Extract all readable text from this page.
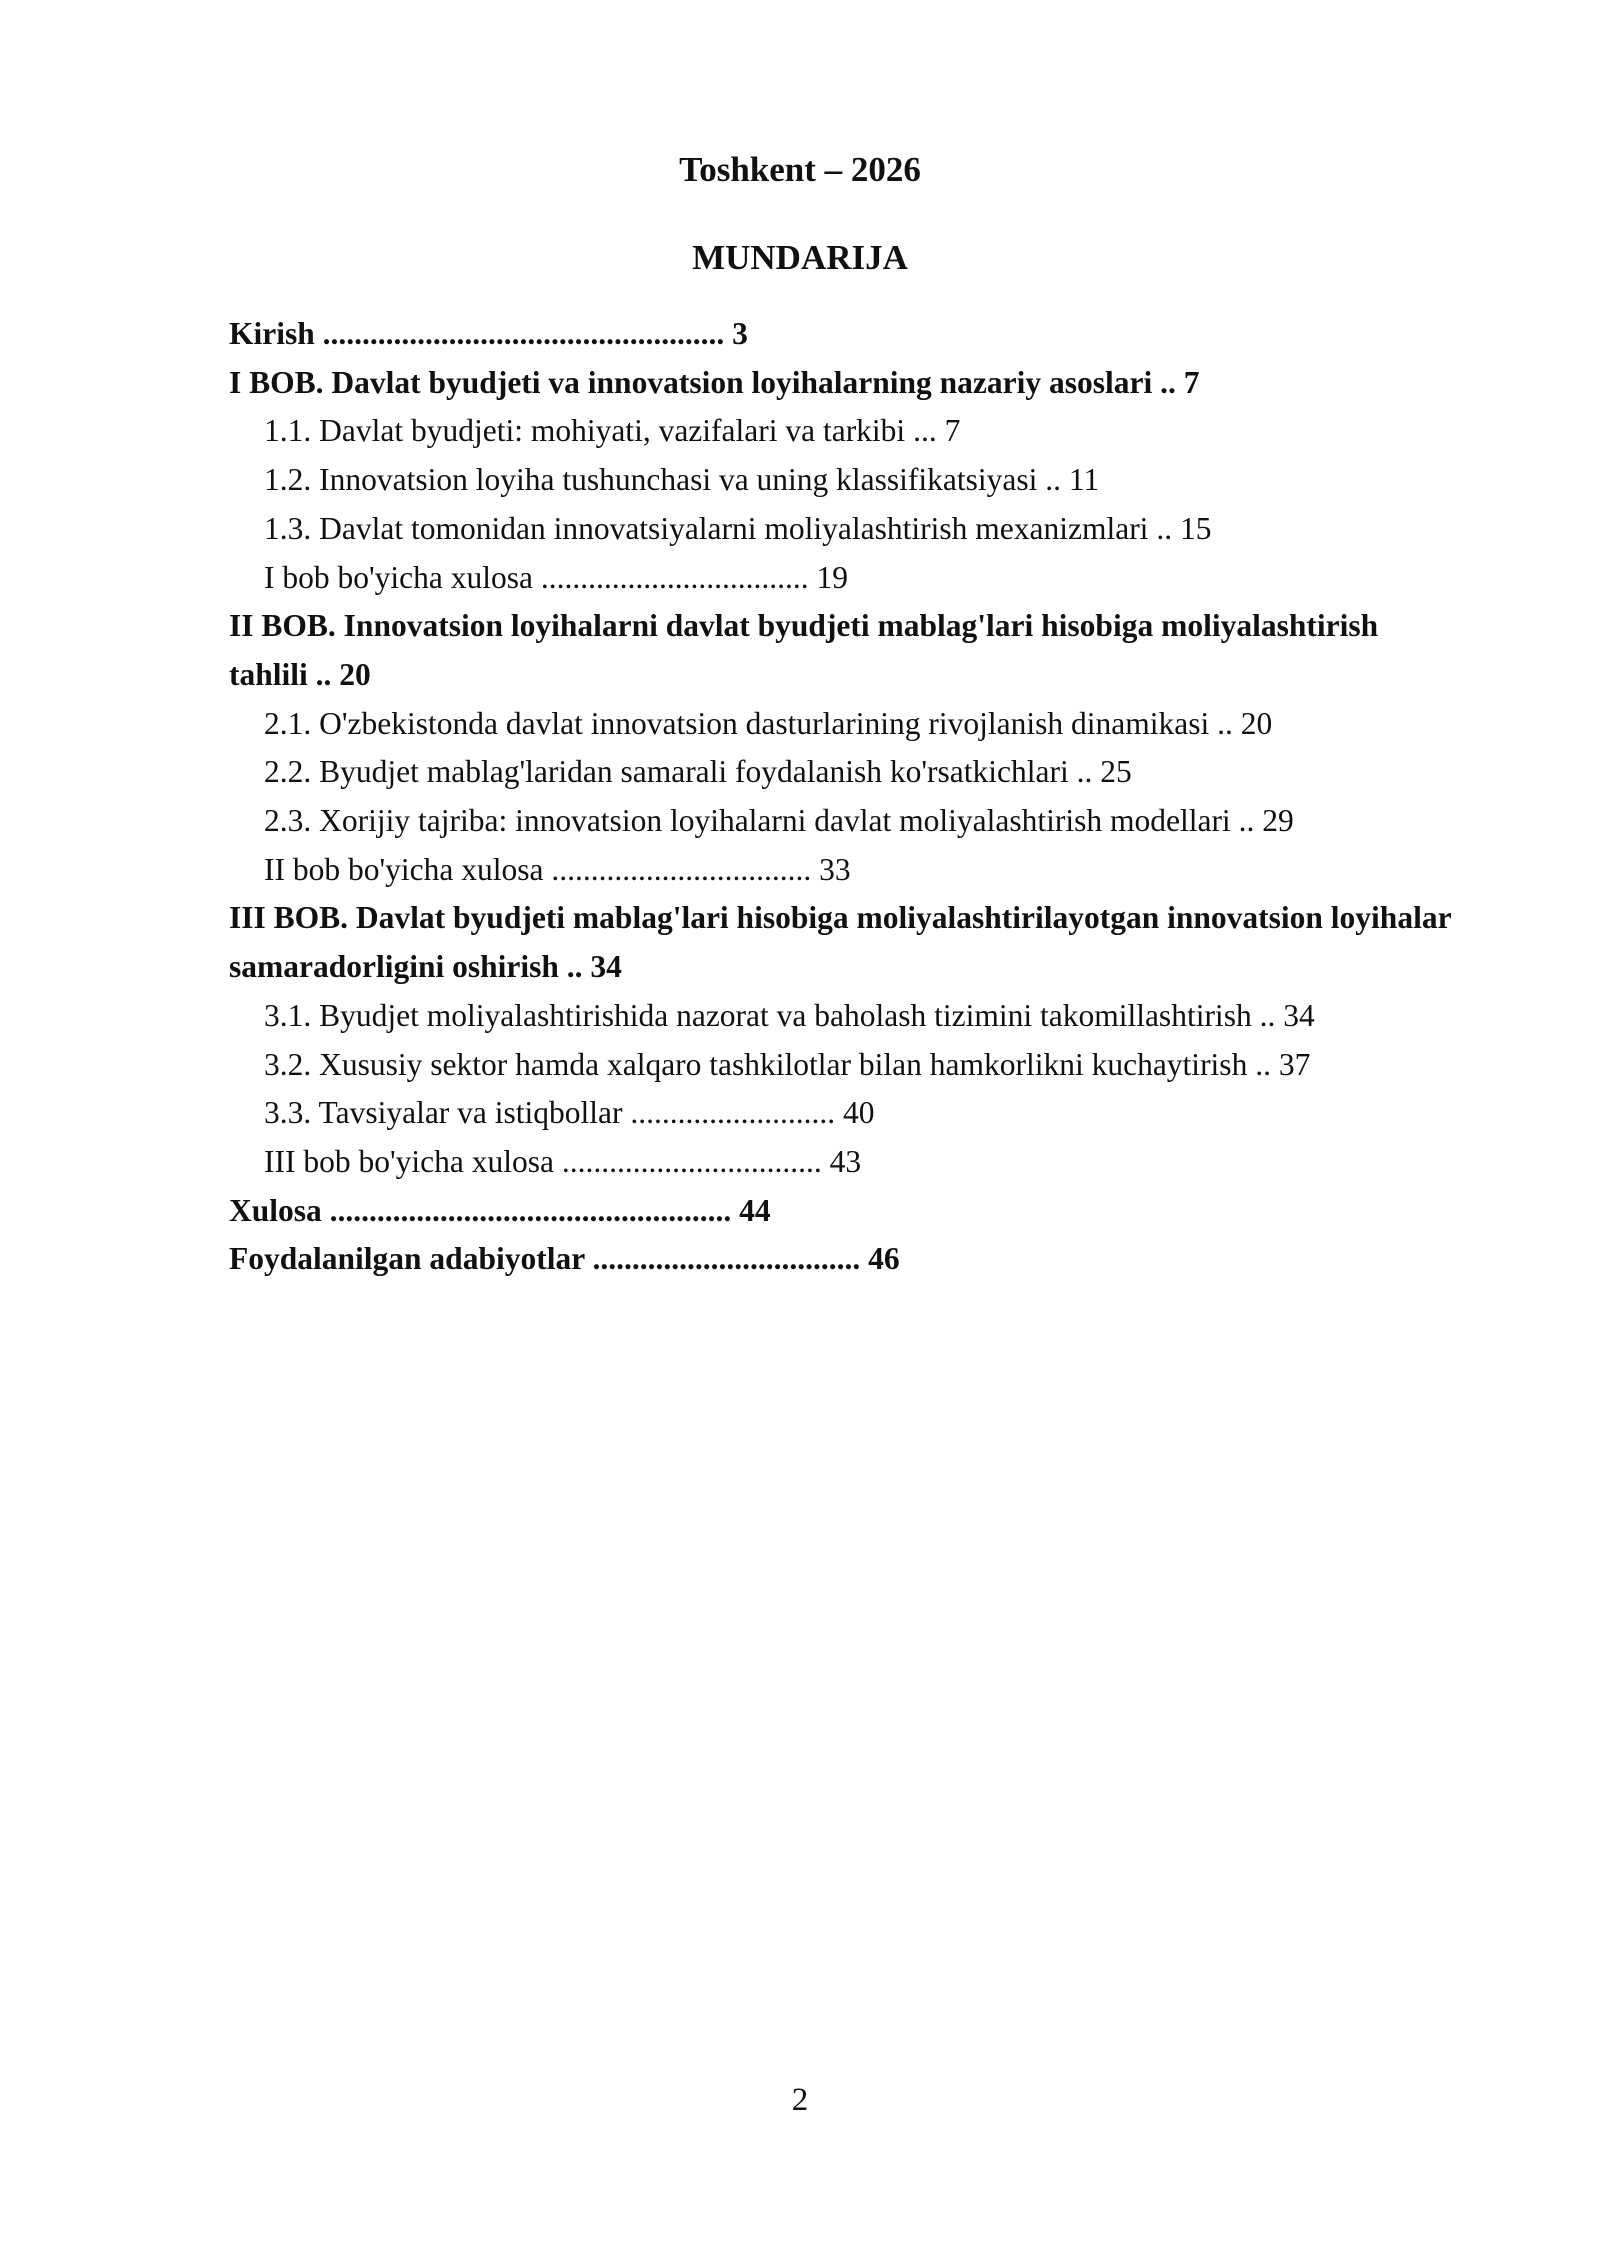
Toshkent – 2026
MUNDARIJA
Kirish ................................................... 3
I BOB. Davlat byudjeti va innovatsion loyihalarning nazariy asoslari .. 7
1.1. Davlat byudjeti: mohiyati, vazifalari va tarkibi ... 7
1.2. Innovatsion loyiha tushunchasi va uning klassifikatsiyasi .. 11
1.3. Davlat tomonidan innovatsiyalarni moliyalashtirish mexanizmlari .. 15
I bob bo'yicha xulosa .................................. 19
II BOB. Innovatsion loyihalarni davlat byudjeti mablag'lari hisobiga moliyalashtirish tahlili .. 20
2.1. O'zbekistonda davlat innovatsion dasturlarining rivojlanish dinamikasi .. 20
2.2. Byudjet mablag'laridan samarali foydalanish ko'rsatkichlari .. 25
2.3. Xorijiy tajriba: innovatsion loyihalarni davlat moliyalashtirish modellari .. 29
II bob bo'yicha xulosa ................................. 33
III BOB. Davlat byudjeti mablag'lari hisobiga moliyalashtirilayotgan innovatsion loyihalar samaradorligini oshirish .. 34
3.1. Byudjet moliyalashtirishida nazorat va baholash tizimini takomillashtirish .. 34
3.2. Xususiy sektor hamda xalqaro tashkilotlar bilan hamkorlikni kuchaytirish .. 37
3.3. Tavsiyalar va istiqbollar .......................... 40
III bob bo'yicha xulosa ................................. 43
Xulosa ................................................... 44
Foydalanilgan adabiyotlar .................................. 46
2
